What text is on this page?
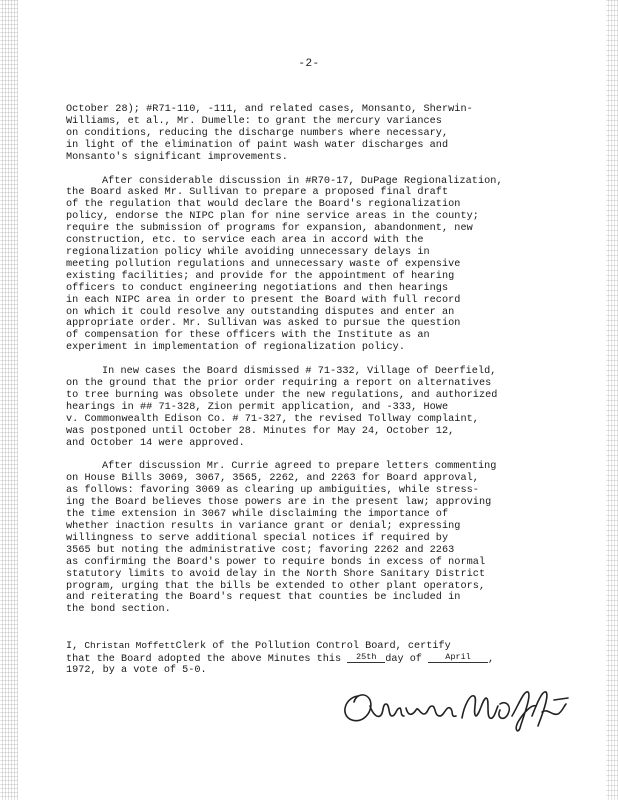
-2-
October 28); #R71-110, -111, and related cases, Monsanto, Sherwin-
Williams, et al., Mr. Dumelle: to grant the mercury variances
on conditions, reducing the discharge numbers where necessary,
in light of the elimination of paint wash water discharges and
Monsanto's significant improvements.
After considerable discussion in #R70-17, DuPage Regionalization,
the Board asked Mr. Sullivan to prepare a proposed final draft
of the regulation that would declare the Board's regionalization
policy, endorse the NIPC plan for nine service areas in the county;
require the submission of programs for expansion, abandonment, new
construction, etc. to service each area in accord with the
regionalization policy while avoiding unnecessary delays in
meeting pollution regulations and unnecessary waste of expensive
existing facilities; and provide for the appointment of hearing
officers to conduct engineering negotiations and then hearings
in each NIPC area in order to present the Board with full record
on which it could resolve any outstanding disputes and enter an
appropriate order. Mr. Sullivan was asked to pursue the question
of compensation for these officers with the Institute as an
experiment in implementation of regionalization policy.
In new cases the Board dismissed # 71-332, Village of Deerfield,
on the ground that the prior order requiring a report on alternatives
to tree burning was obsolete under the new regulations, and authorized
hearings in ## 71-328, Zion permit application, and -333, Howe
v. Commonwealth Edison Co. # 71-327, the revised Tollway complaint,
was postponed until October 28. Minutes for May 24, October 12,
and October 14 were approved.
After discussion Mr. Currie agreed to prepare letters commenting
on House Bills 3069, 3067, 3565, 2262, and 2263 for Board approval,
as follows: favoring 3069 as clearing up ambiguities, while stress-
ing the Board believes those powers are in the present law; approving
the time extension in 3067 while disclaiming the importance of
whether inaction results in variance grant or denial; expressing
willingness to serve additional special notices if required by
3565 but noting the administrative cost; favoring 2262 and 2263
as confirming the Board's power to require bonds in excess of normal
statutory limits to avoid delay in the North Shore Sanitary District
program, urging that the bills be extended to other plant operators,
and reiterating the Board's request that counties be included in
the bond section.
I, Christan MoffettClerk of the Pollution Control Board, certify
that the Board adopted the above Minutes this 25th day of	April ,
1972, by a vote of 5-0.
